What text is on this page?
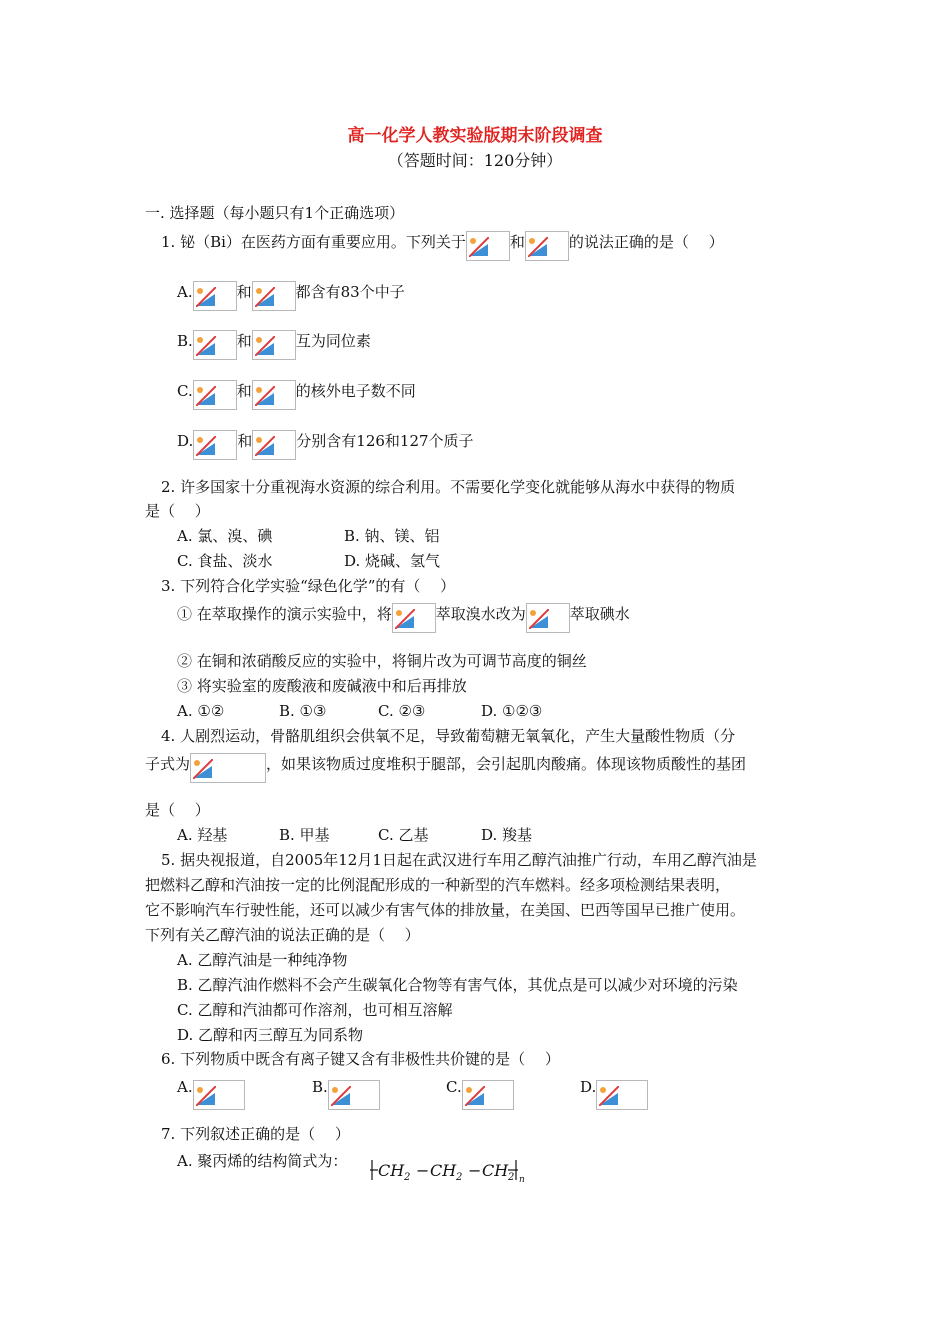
高一化学人教实验版期末阶段调查
（答题时间：120分钟）
一. 选择题（每小题只有1个正确选项）
1. 铋（Bi）在医药方面有重要应用。下列关于	和	的说法正确的是（　 ）
A.	和	都含有83个中子
B.	和	互为同位素
C.	和	的核外电子数不同
D.	和	分别含有126和127个质子
2. 许多国家十分重视海水资源的综合利用。不需要化学变化就能够从海水中获得的物质
是（　 ）
A. 氯、溴、碘	B. 钠、镁、铝
C. 食盐、淡水	D. 烧碱、氢气
3. 下列符合化学实验“绿色化学”的有（　 ）
① 在萃取操作的演示实验中，将	萃取溴水改为	萃取碘水
② 在铜和浓硝酸反应的实验中，将铜片改为可调节高度的铜丝
③ 将实验室的废酸液和废碱液中和后再排放
A. ①②	B. ①③	C. ②③	D. ①②③
4. 人剧烈运动，骨骼肌组织会供氧不足，导致葡萄糖无氧氧化，产生大量酸性物质（分
子式为	，如果该物质过度堆积于腿部，会引起肌肉酸痛。体现该物质酸性的基团
是（　 ）
A. 羟基	B. 甲基	C. 乙基	D. 羧基
5. 据央视报道，自2005年12月1日起在武汉进行车用乙醇汽油推广行动，车用乙醇汽油是
把燃料乙醇和汽油按一定的比例混配形成的一种新型的汽车燃料。经多项检测结果表明，
它不影响汽车行驶性能，还可以减少有害气体的排放量，在美国、巴西等国早已推广使用。
下列有关乙醇汽油的说法正确的是（　 ）
A. 乙醇汽油是一种纯净物
B. 乙醇汽油作燃料不会产生碳氧化合物等有害气体，其优点是可以减少对环境的污染
C. 乙醇和汽油都可作溶剂，也可相互溶解
D. 乙醇和丙三醇互为同系物
6. 下列物质中既含有离子键又含有非极性共价键的是（　 ）
A.	B.	C.	D.
7. 下列叙述正确的是（　 ）
A. 聚丙烯的结构简式为： CH 2 − CH 2 − CH 2 n
